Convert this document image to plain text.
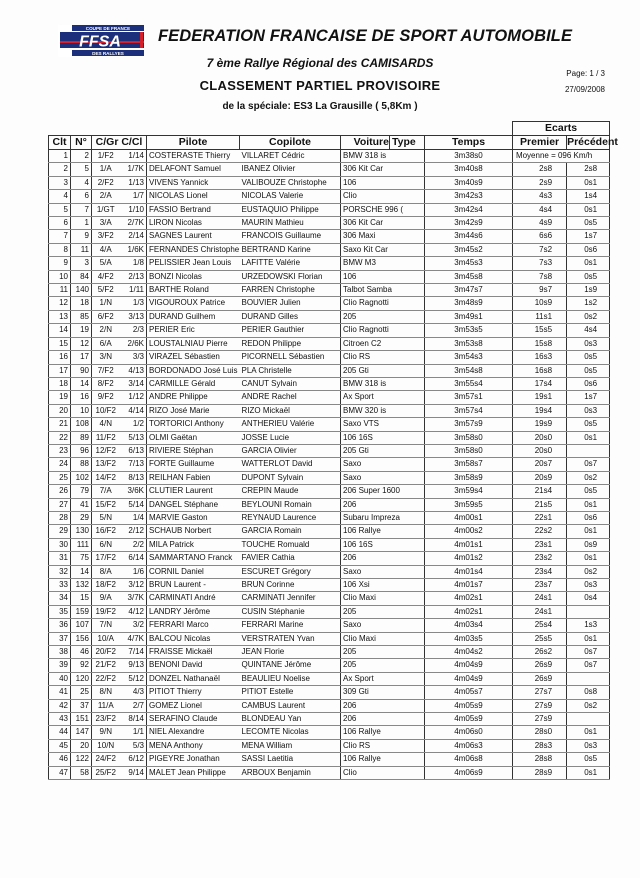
COUPE DE FRANCE
FFSA
DES RALLYES
FEDERATION FRANCAISE DE SPORT AUTOMOBILE
7 ème Rallye Régional des CAMISARDS
CLASSEMENT PARTIEL PROVISOIRE
de la spéciale: ES3 La Grausille ( 5,8Km )
Page: 1 / 3
27/09/2008
									Ecarts	
Clt	N°	C/Gr C/Cl		Pilote	Copilote	Voiture	Type	Temps	Premier	Précédent
1	2	1/F2	1/14	COSTERASTE Thierry	VILLARET Cédric	BMW 318 is		3m38s0	Moyenne = 096 Km/h	
2	5	1/A	1/7K	DELAFONT Samuel	IBANEZ Olivier	306 Kit Car		3m40s8	2s8	2s8
3	4	2/F2	1/13	VIVENS Yannick	VALIBOUZE Christophe	106		3m40s9	2s9	0s1
4	6	2/A	1/7	NICOLAS Lionel	NICOLAS Valerie	Clio		3m42s3	4s3	1s4
5	7	1/GT	1/10	FASSIO Bertrand	EUSTAQUIO Philippe	PORSCHE 996 (		3m42s4	4s4	0s1
6	1	3/A	2/7K	LIRON Nicolas	MAURIN Mathieu	306 Kit Car		3m42s9	4s9	0s5
7	9	3/F2	2/14	SAGNES Laurent	FRANCOIS Guillaume	306 Maxi		3m44s6	6s6	1s7
8	11	4/A	1/6K	FERNANDES Christophe	BERTRAND Karine	Saxo Kit Car		3m45s2	7s2	0s6
9	3	5/A	1/8	PELISSIER Jean Louis	LAFITTE Valérie	BMW M3		3m45s3	7s3	0s1
10	84	4/F2	2/13	BONZI Nicolas	URZEDOWSKI Florian	106		3m45s8	7s8	0s5
11	140	5/F2	1/11	BARTHE Roland	FARREN Christophe	Talbot Samba		3m47s7	9s7	1s9
12	18	1/N	1/3	VIGOUROUX Patrice	BOUVIER Julien	Clio Ragnotti		3m48s9	10s9	1s2
13	85	6/F2	3/13	DURAND Guilhem	DURAND Gilles	205		3m49s1	11s1	0s2
14	19	2/N	2/3	PERIER Eric	PERIER Gauthier	Clio Ragnotti		3m53s5	15s5	4s4
15	12	6/A	2/6K	LOUSTALNIAU Pierre	REDON Philippe	Citroen C2		3m53s8	15s8	0s3
16	17	3/N	3/3	VIRAZEL Sébastien	PICORNELL Sébastien	Clio RS		3m54s3	16s3	0s5
17	90	7/F2	4/13	BORDONADO José Luis	PLA Christelle	205 Gti		3m54s8	16s8	0s5
18	14	8/F2	3/14	CARMILLE Gérald	CANUT Sylvain	BMW 318 is		3m55s4	17s4	0s6
19	16	9/F2	1/12	ANDRE Philippe	ANDRE Rachel	Ax Sport		3m57s1	19s1	1s7
20	10	10/F2	4/14	RIZO José Marie	RIZO Mickaël	BMW 320 is		3m57s4	19s4	0s3
21	108	4/N	1/2	TORTORICI Anthony	ANTHERIEU Valérie	Saxo VTS		3m57s9	19s9	0s5
22	89	11/F2	5/13	OLMI Gaëtan	JOSSE Lucie	106 16S		3m58s0	20s0	0s1
23	96	12/F2	6/13	RIVIERE Stéphan	GARCIA Olivier	205 Gti		3m58s0	20s0	
24	88	13/F2	7/13	FORTE Guillaume	WATTERLOT David	Saxo		3m58s7	20s7	0s7
25	102	14/F2	8/13	REILHAN Fabien	DUPONT Sylvain	Saxo		3m58s9	20s9	0s2
26	79	7/A	3/6K	CLUTIER Laurent	CREPIN Maude	206 Super 1600		3m59s4	21s4	0s5
27	41	15/F2	5/14	DANGEL Stéphane	BEYLOUNI Romain	206		3m59s5	21s5	0s1
28	29	5/N	1/4	MARVIE Gaston	REYNAUD Laurence	Subaru Impreza		4m00s1	22s1	0s6
29	130	16/F2	2/12	SCHAUB Norbert	GARCIA Romain	106 Rallye		4m00s2	22s2	0s1
30	111	6/N	2/2	MILA Patrick	TOUCHE Romuald	106 16S		4m01s1	23s1	0s9
31	75	17/F2	6/14	SAMMARTANO Franck	FAVIER Cathia	206		4m01s2	23s2	0s1
32	14	8/A	1/6	CORNIL Daniel	ESCURET Grégory	Saxo		4m01s4	23s4	0s2
33	132	18/F2	3/12	BRUN Laurent -	BRUN Corinne	106 Xsi		4m01s7	23s7	0s3
34	15	9/A	3/7K	CARMINATI André	CARMINATI Jennifer	Clio Maxi		4m02s1	24s1	0s4
35	159	19/F2	4/12	LANDRY Jérôme	CUSIN Stéphanie	205		4m02s1	24s1	
36	107	7/N	3/2	FERRARI Marco	FERRARI Marine	Saxo		4m03s4	25s4	1s3
37	156	10/A	4/7K	BALCOU Nicolas	VERSTRATEN Yvan	Clio Maxi		4m03s5	25s5	0s1
38	46	20/F2	7/14	FRAISSE Mickaël	JEAN Florie	205		4m04s2	26s2	0s7
39	92	21/F2	9/13	BENONI David	QUINTANE Jérôme	205		4m04s9	26s9	0s7
40	120	22/F2	5/12	DONZEL Nathanaël	BEAULIEU Noelise	Ax Sport		4m04s9	26s9	
41	25	8/N	4/3	PITIOT Thierry	PITIOT Estelle	309 Gti		4m05s7	27s7	0s8
42	37	11/A	2/7	GOMEZ Lionel	CAMBUS Laurent	206		4m05s9	27s9	0s2
43	151	23/F2	8/14	SERAFINO Claude	BLONDEAU Yan	206		4m05s9	27s9	
44	147	9/N	1/1	NIEL Alexandre	LECOMTE Nicolas	106 Rallye		4m06s0	28s0	0s1
45	20	10/N	5/3	MENA Anthony	MENA William	Clio RS		4m06s3	28s3	0s3
46	122	24/F2	6/12	PIGEYRE Jonathan	SASSI Laetitia	106 Rallye		4m06s8	28s8	0s5
47	58	25/F2	9/14	MALET Jean Philippe	ARBOUX Benjamin	Clio		4m06s9	28s9	0s1
